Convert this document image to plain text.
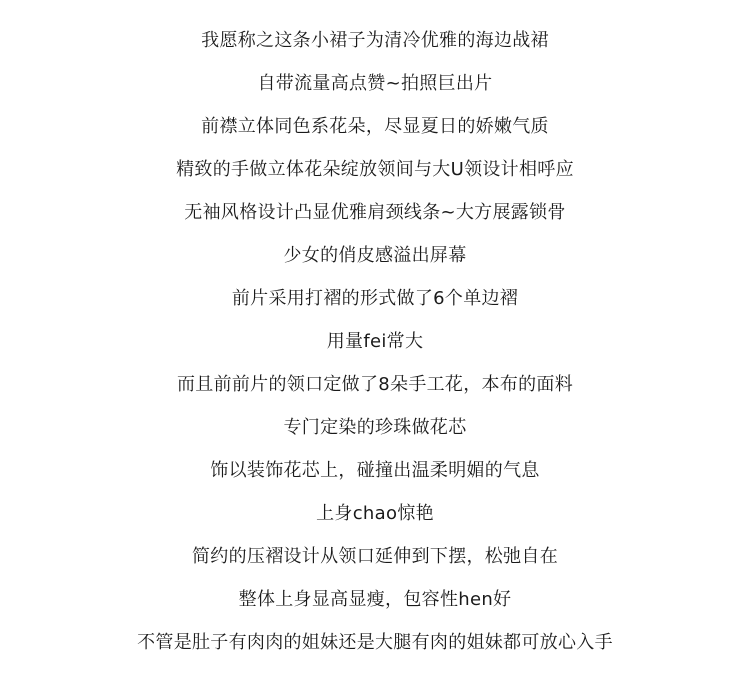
我愿称之这条小裙子为清冷优雅的海边战裙
自带流量高点赞~拍照巨出片
前襟立体同色系花朵，尽显夏日的娇嫩气质
精致的手做立体花朵绽放领间与大U领设计相呼应
无袖风格设计凸显优雅肩颈线条~大方展露锁骨
少女的俏皮感溢出屏幕
前片采用打褶的形式做了6个单边褶
用量fei常大
而且前前片的领口定做了8朵手工花，本布的面料
专门定染的珍珠做花芯
饰以装饰花芯上，碰撞出温柔明媚的气息
上身chao惊艳
简约的压褶设计从领口延伸到下摆，松弛自在
整体上身显高显瘦，包容性hen好
不管是肚子有肉肉的姐妹还是大腿有肉的姐妹都可放心入手
